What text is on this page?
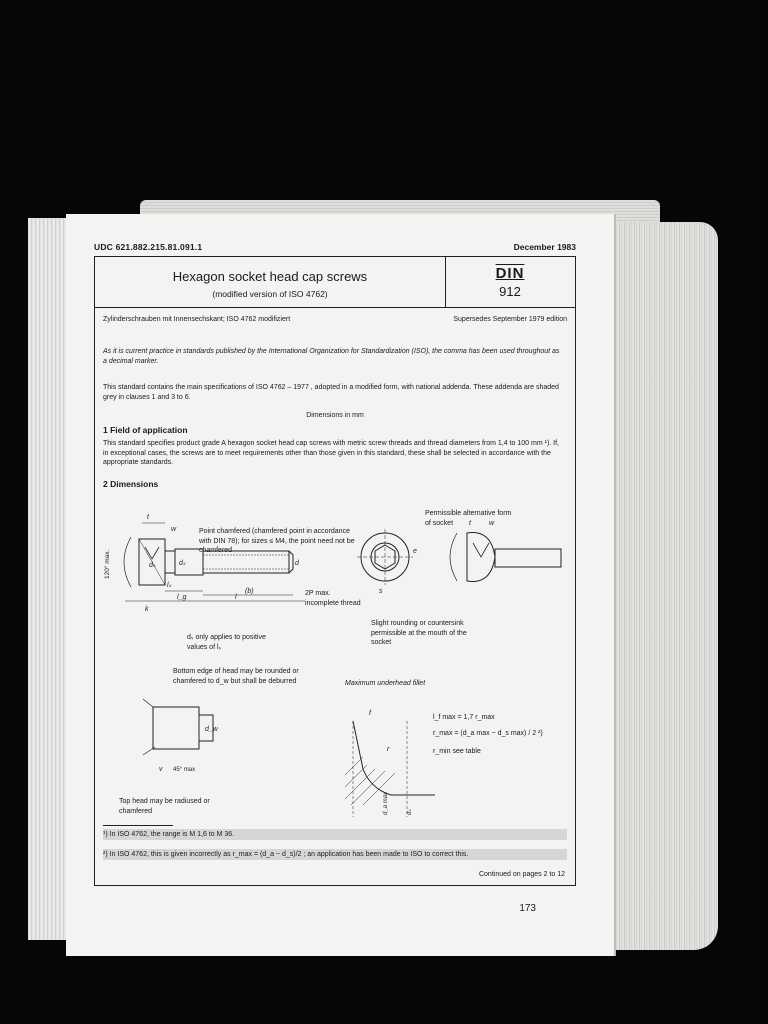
UDC 621.882.215.81.091.1	December 1983
Hexagon socket head cap screws
(modified version of ISO 4762)
DIN
912
Zylinderschrauben mit Innensechskant; ISO 4762 modifiziert	Supersedes September 1979 edition
As it is current practice in standards published by the International Organization for Standardization (ISO), the comma has been used throughout as a decimal marker.
This standard contains the main specifications of ISO 4762 – 1977 , adopted in a modified form, with national addenda. These addenda are shaded grey in clauses 1 and 3 to 6.
Dimensions in mm
1 Field of application
This standard specifies product grade A hexagon socket head cap screws with metric screw threads and thread diameters from 1,4 to 100 mm ¹). If, in exceptional cases, the screws are to meet requirements other than those given in this standard, these shall be selected in accordance with the appropriate standards.
2 Dimensions
t
w
dₖ	dₛ	d
lₛ
l_g	l
(b)
k
120° max.	e
s
t	w
d_w
v 45° max
f
r
d_a max	dₛ
Point chamfered (chamfered point in accordance with DIN 78); for sizes ≤ M4, the point need not be chamfered
Permissible alternative form of socket
2P max. incomplete thread
Slight rounding or countersink permissible at the mouth of the socket
dₛ only applies to positive values of lₛ
Bottom edge of head may be rounded or chamfered to d_w but shall be deburred	Maximum underhead fillet
l_f max = 1,7 r_max
r_max = (d_a max − d_s max) / 2 ²)
r_min see table
Top head may be radiused or chamfered
¹) In ISO 4762, the range is M 1,6 to M 36.
²) In ISO 4762, this is given incorrectly as r_max = (d_a − d_s)/2 ; an application has been made to ISO to correct this.
Continued on pages 2 to 12
173
